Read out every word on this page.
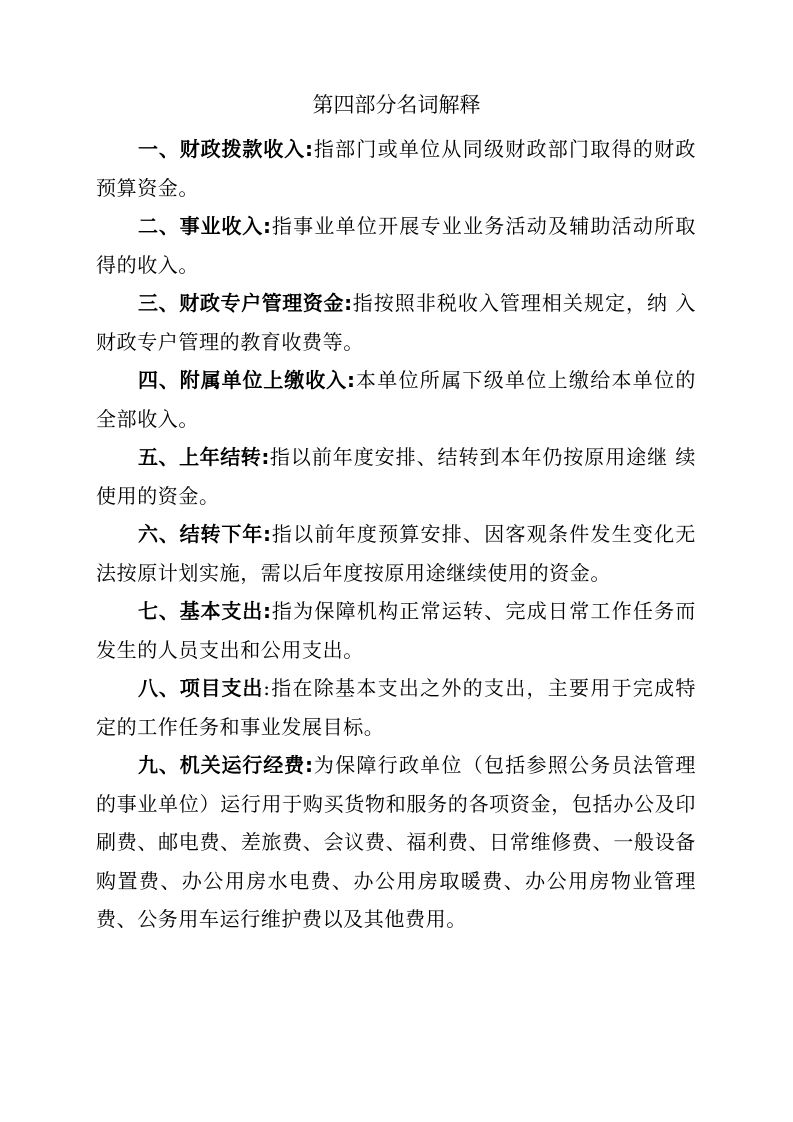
第四部分名词解释

一、财政拨款收入:指部门或单位从同级财政部门取得的财政预算资金。

二、事业收入:指事业单位开展专业业务活动及辅助活动所取得的收入。

三、财政专户管理资金:指按照非税收入管理相关规定，纳 入财政专户管理的教育收费等。

四、附属单位上缴收入:本单位所属下级单位上缴给本单位的全部收入。

五、上年结转:指以前年度安排、结转到本年仍按原用途继 续使用的资金。

六、结转下年:指以前年度预算安排、因客观条件发生变化无法按原计划实施，需以后年度按原用途继续使用的资金。

七、基本支出:指为保障机构正常运转、完成日常工作任务而发生的人员支出和公用支出。

八、项目支出:指在除基本支出之外的支出，主要用于完成特定的工作任务和事业发展目标。

九、机关运行经费:为保障行政单位（包括参照公务员法管理的事业单位）运行用于购买货物和服务的各项资金，包括办公及印刷费、邮电费、差旅费、会议费、福利费、日常维修费、一般设备购置费、办公用房水电费、办公用房取暖费、办公用房物业管理费、公务用车运行维护费以及其他费用。
